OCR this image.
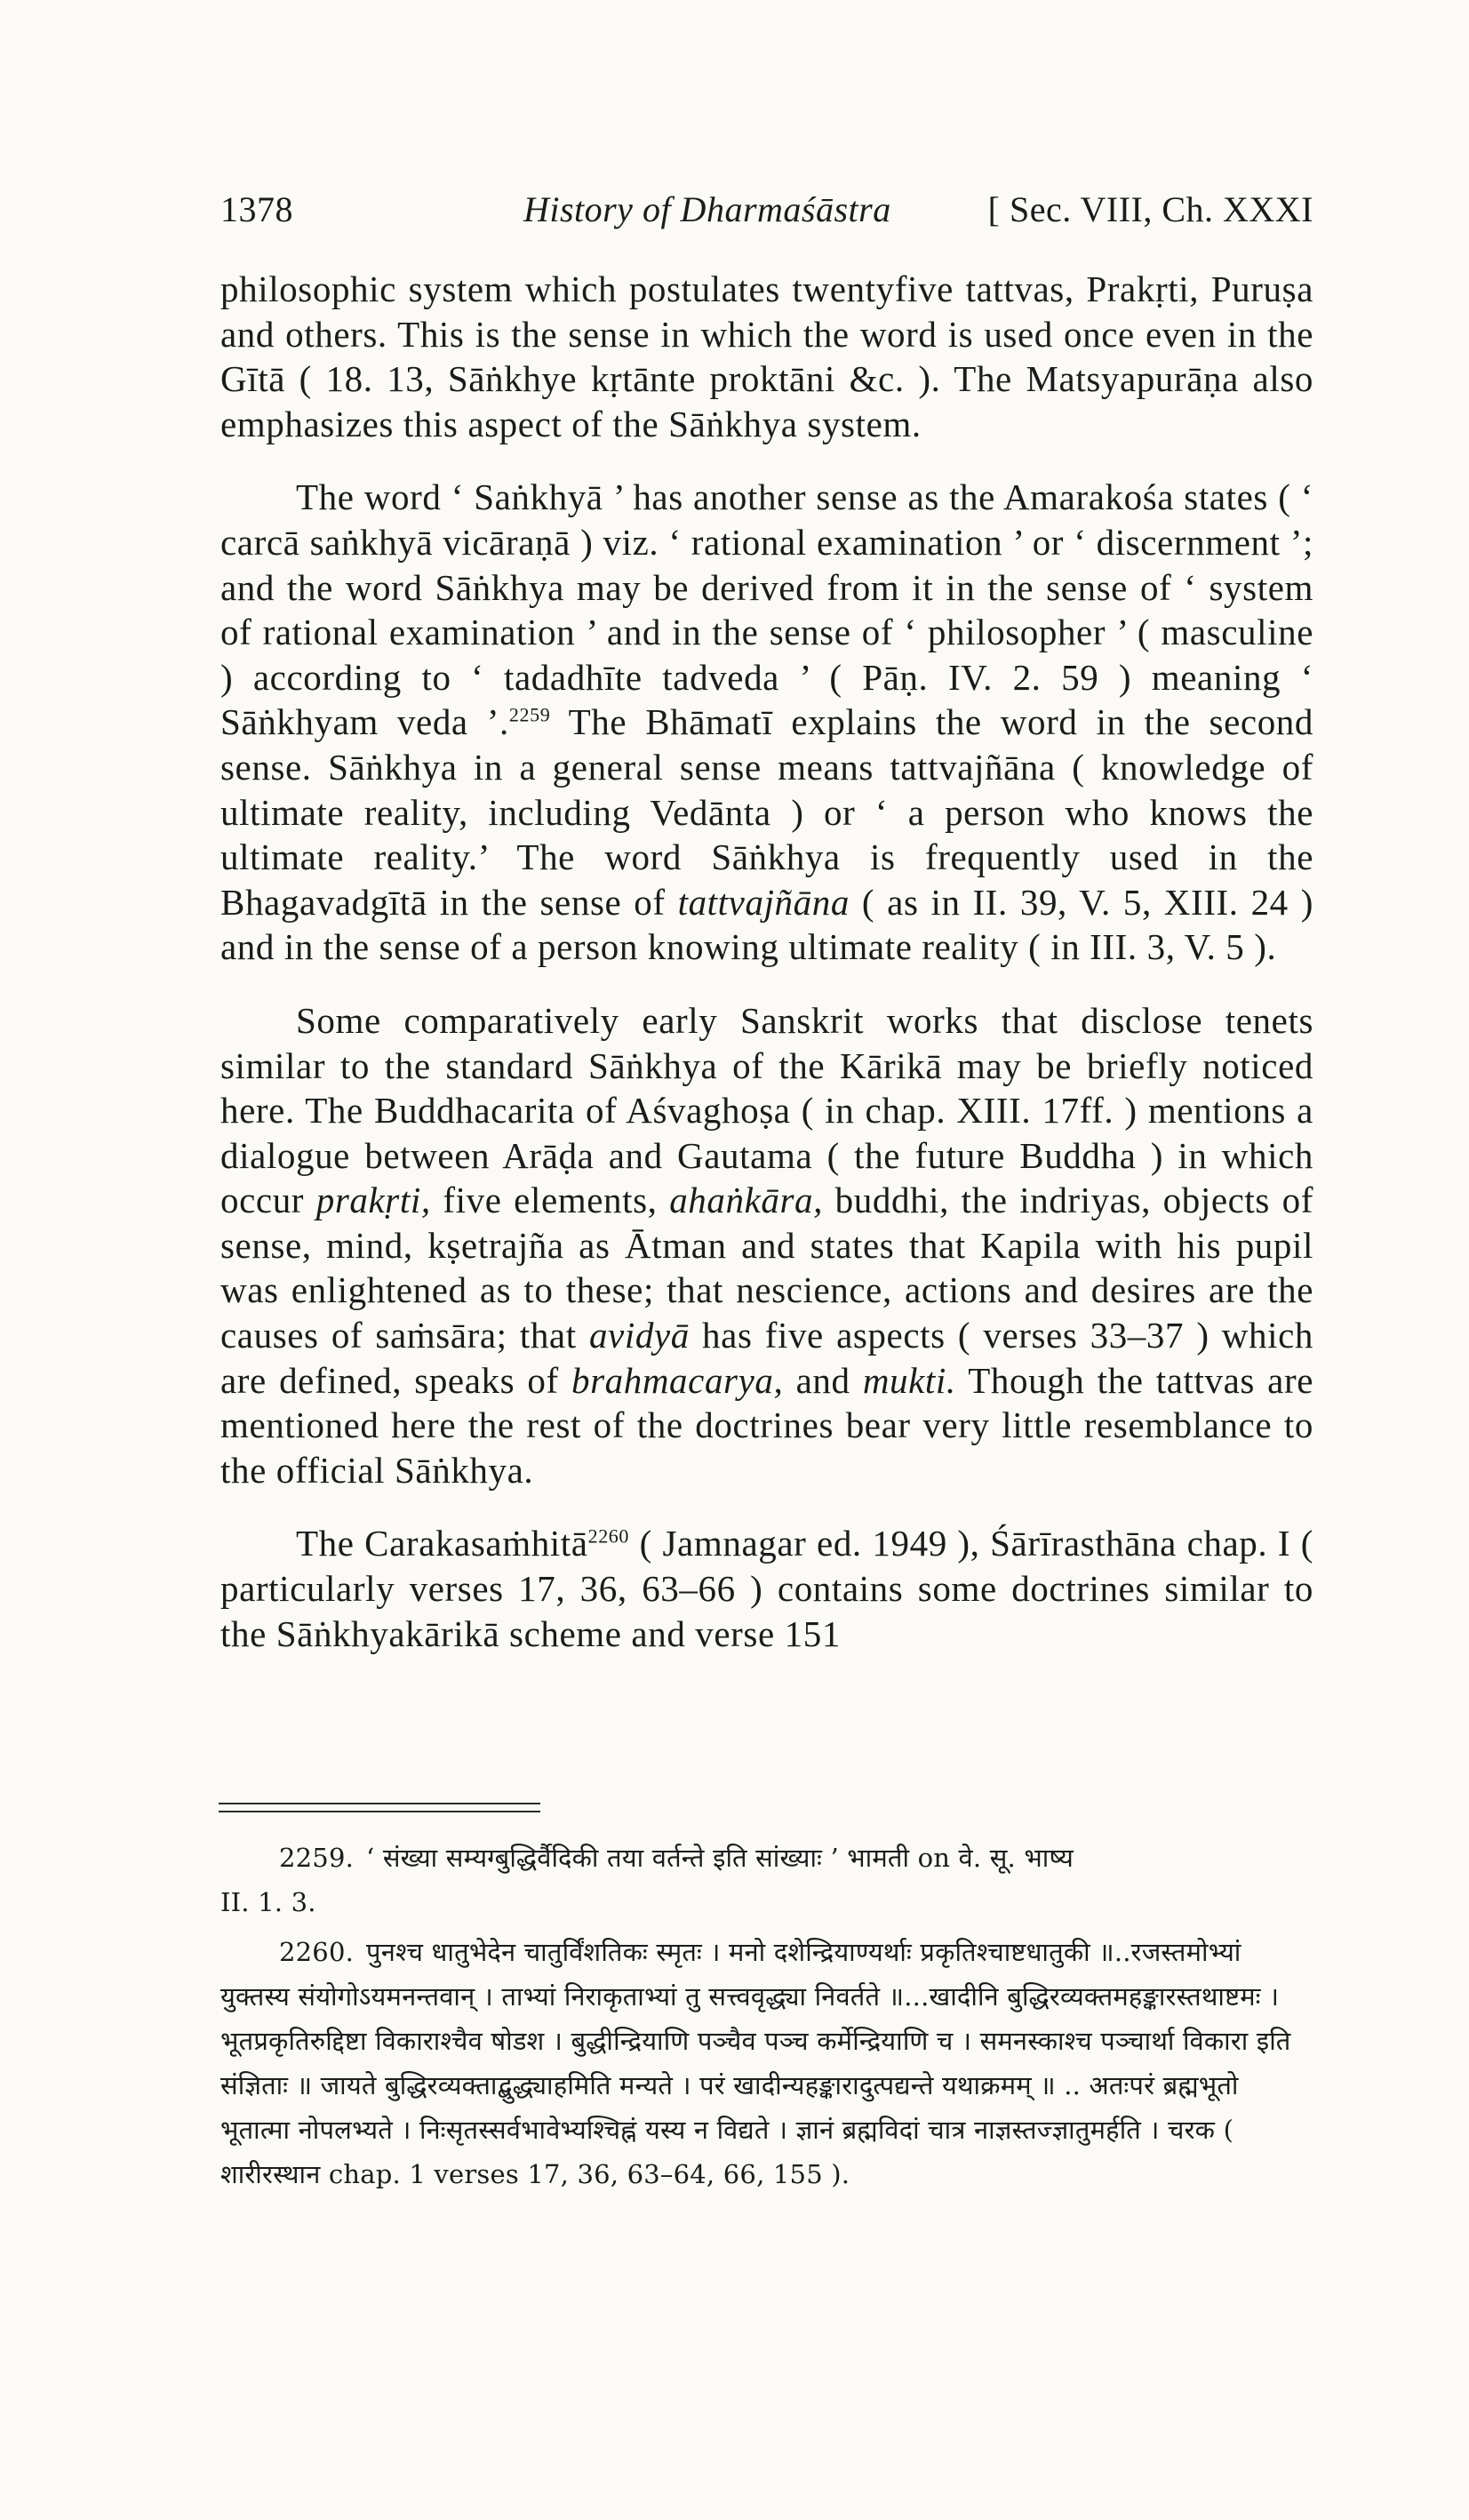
1378	History of Dharmaśāstra	[ Sec. VIII, Ch. XXXI

philosophic system which postulates twentyfive tattvas, Prakṛti, Puruṣa and others. This is the sense in which the word is used once even in the Gītā ( 18. 13, Sāṅkhye kṛtānte proktāni &c. ). The Matsyapurāṇa also emphasizes this aspect of the Sāṅkhya system.

The word ‘ Saṅkhyā ’ has another sense as the Amarakośa states ( ‘ carcā saṅkhyā vicāraṇā ) viz. ‘ rational examination ’ or ‘ discernment ’; and the word Sāṅkhya may be derived from it in the sense of ‘ system of rational examination ’ and in the sense of ‘ philosopher ’ ( masculine ) according to ‘ tadadhīte tadveda ’ ( Pāṇ. IV. 2. 59 ) meaning ‘ Sāṅkhyam veda ’.$^{2259}$ The Bhāmatī explains the word in the second sense. Sāṅkhya in a general sense means tattvajñāna ( knowledge of ultimate reality, including Vedānta ) or ‘ a person who knows the ultimate reality.’ The word Sāṅkhya is frequently used in the Bhagavadgītā in the sense of tattvajñāna ( as in II. 39, V. 5, XIII. 24 ) and in the sense of a person knowing ultimate reality ( in III. 3, V. 5 ).

Some comparatively early Sanskrit works that disclose tenets similar to the standard Sāṅkhya of the Kārikā may be briefly noticed here. The Buddhacarita of Aśvaghoṣa ( in chap. XIII. 17ff. ) mentions a dialogue between Arāḍa and Gautama ( the future Buddha ) in which occur prakṛti, five elements, ahaṅkāra, buddhi, the indriyas, objects of sense, mind, kṣetrajña as Ātman and states that Kapila with his pupil was enlightened as to these; that nescience, actions and desires are the causes of saṁsāra; that avidyā has five aspects ( verses 33–37 ) which are defined, speaks of brahmacarya, and mukti. Though the tattvas are mentioned here the rest of the doctrines bear very little resemblance to the official Sāṅkhya.

The Carakasaṁhitā$^{2260}$ ( Jamnagar ed. 1949 ), Śārīrasthāna chap. I ( particularly verses 17, 36, 63–66 ) contains some doctrines similar to the Sāṅkhyakārikā scheme and verse 151

2259. ‘ संख्या सम्यग्बुद्धिर्वैदिकी तया वर्तन्ते इति सांख्याः ’ भामती on वे. सू. भाष्य
II. 1. 3.
2260. पुनश्च धातुभेदेन चातुर्विंशतिकः स्मृतः । मनो दशेन्द्रियाण्यर्थाः प्रकृतिश्चाष्टधातुकी ॥..रजस्तमोभ्यां युक्तस्य संयोगोऽयमनन्तवान् । ताभ्यां निराकृताभ्यां तु सत्त्ववृद्ध्या निवर्तते ॥...खादीनि बुद्धिरव्यक्तमहङ्कारस्तथाष्टमः । भूतप्रकृतिरुद्दिष्टा विकाराश्चैव षोडश । बुद्धीन्द्रियाणि पञ्चैव पञ्च कर्मेन्द्रियाणि च । समनस्काश्च पञ्चार्था विकारा इति संज्ञिताः ॥ जायते बुद्धिरव्यक्ताद्बुद्ध्याहमिति मन्यते । परं खादीन्यहङ्कारादुत्पद्यन्ते यथाक्रमम् ॥ .. अतःपरं ब्रह्मभूतो भूतात्मा नोपलभ्यते । निःसृतस्सर्वभावेभ्यश्चिह्नं यस्य न विद्यते । ज्ञानं ब्रह्मविदां चात्र नाज्ञस्तज्ज्ञातुमर्हति । चरक ( शारीरस्थान chap. 1 verses 17, 36, 63–64, 66, 155 ).
